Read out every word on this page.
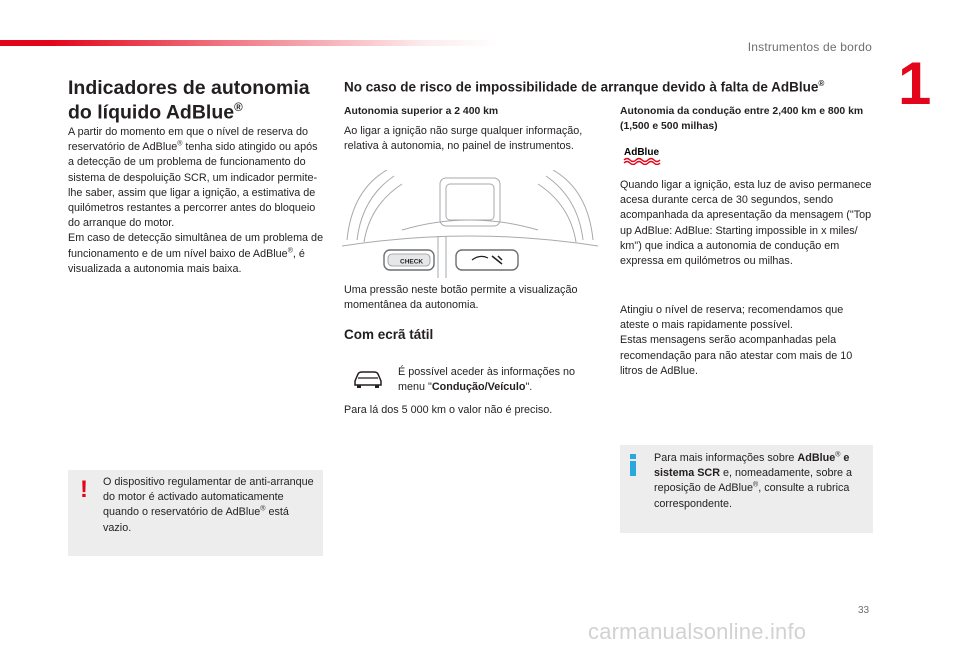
Instrumentos de bordo
1
Indicadores de autonomia do líquido AdBlue®

A partir do momento em que o nível de reserva do reservatório de AdBlue® tenha sido atingido ou após a detecção de um problema de funcionamento do sistema de despoluição SCR, um indicador permite-lhe saber, assim que ligar a ignição, a estimativa de quilómetros restantes a percorrer antes do bloqueio do arranque do motor.

Em caso de detecção simultânea de um problema de funcionamento e de um nível baixo de AdBlue®, é visualizada a autonomia mais baixa.

! O dispositivo regulamentar de anti-arranque do motor é activado automaticamente quando o reservatório de AdBlue® está vazio.

No caso de risco de impossibilidade de arranque devido à falta de AdBlue®
Autonomia superior a 2 400 km

Ao ligar a ignição não surge qualquer informação, relativa à autonomia, no painel de instrumentos.

CHECK

Uma pressão neste botão permite a visualização momentânea da autonomia.

Com ecrã tátil

É possível aceder às informações no menu "Condução/Veículo".

Para lá dos 5 000 km o valor não é preciso.

Autonomia da condução entre 2,400 km e 800 km (1,500 e 500 milhas)
AdBlue

Quando ligar a ignição, esta luz de aviso permanece acesa durante cerca de 30 segundos, sendo acompanhada da apresentação da mensagem ("Top up AdBlue: AdBlue: Starting impossible in x miles/ km") que indica a autonomia de condução em expressa em quilómetros ou milhas.

Atingiu o nível de reserva; recomendamos que ateste o mais rapidamente possível.

Estas mensagens serão acompanhadas pela recomendação para não atestar com mais de 10 litros de AdBlue.

Para mais informações sobre AdBlue® e sistema SCR e, nomeadamente, sobre a reposição de AdBlue®, consulte a rubrica correspondente.

33
carmanualsonline.info
